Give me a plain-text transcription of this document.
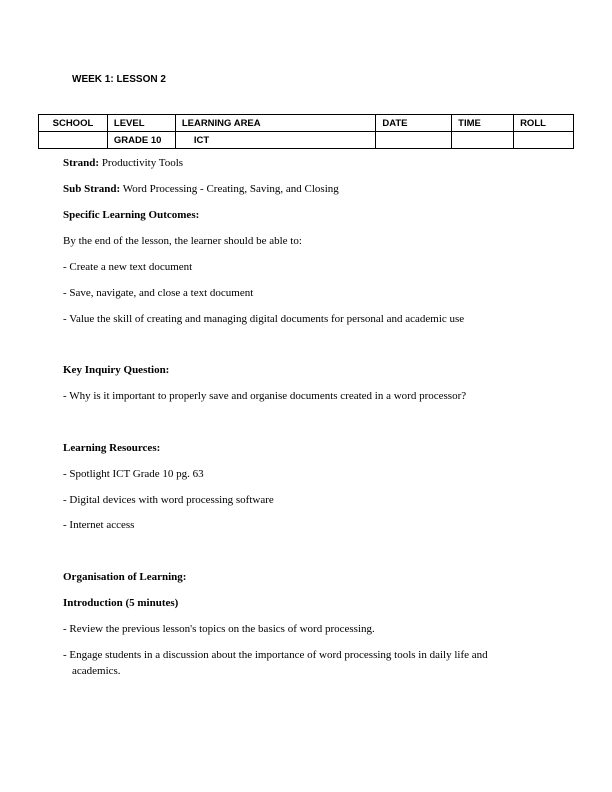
WEEK 1: LESSON 2
SCHOOL	LEVEL	LEARNING AREA	DATE	TIME	ROLL
	GRADE 10	ICT			
Strand: Productivity Tools
Sub Strand: Word Processing - Creating, Saving, and Closing
Specific Learning Outcomes:
By the end of the lesson, the learner should be able to:
- Create a new text document
- Save, navigate, and close a text document
- Value the skill of creating and managing digital documents for personal and academic use
Key Inquiry Question:
- Why is it important to properly save and organise documents created in a word processor?
Learning Resources:
- Spotlight ICT Grade 10 pg. 63
- Digital devices with word processing software
- Internet access
Organisation of Learning:
Introduction (5 minutes)
- Review the previous lesson's topics on the basics of word processing.
- Engage students in a discussion about the importance of word processing tools in daily life and
academics.
